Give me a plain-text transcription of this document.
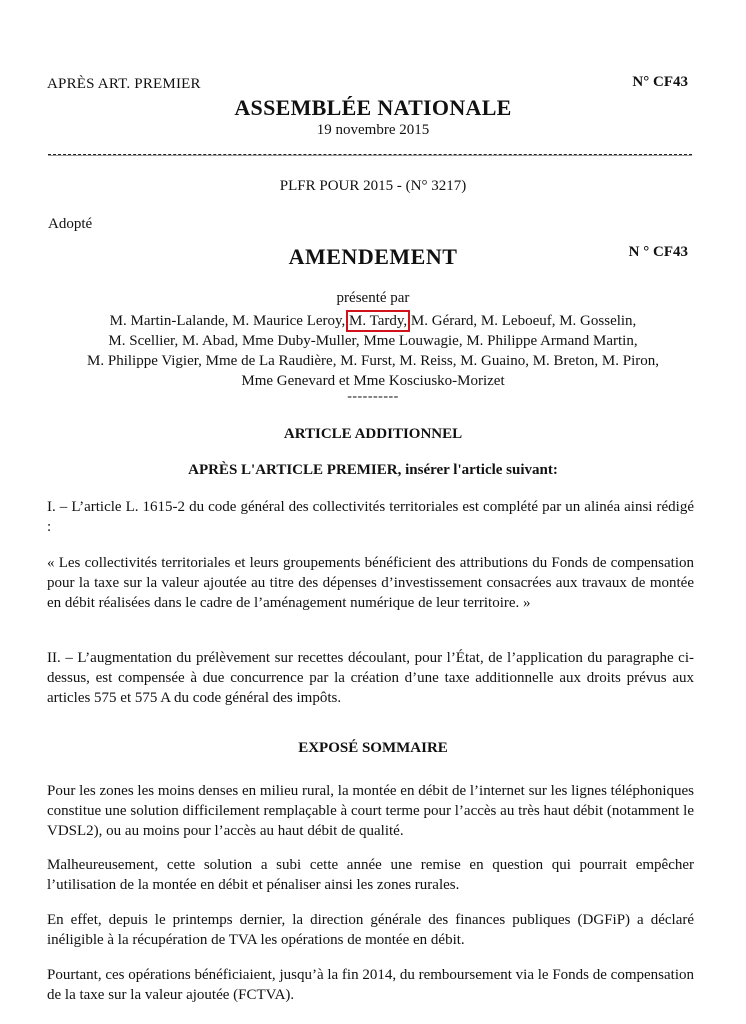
APRÈS ART. PREMIER	N° CF43
ASSEMBLÉE NATIONALE
19 novembre 2015
PLFR POUR 2015 - (N° 3217)
Adopté
AMENDEMENT	N ° CF43
présenté par
M. Martin-Lalande, M. Maurice Leroy, M. Tardy, M. Gérard, M. Leboeuf, M. Gosselin,
M. Scellier, M. Abad, Mme Duby-Muller, Mme Louwagie, M. Philippe Armand Martin,
M. Philippe Vigier, Mme de La Raudière, M. Furst, M. Reiss, M. Guaino, M. Breton, M. Piron,
Mme Genevard et Mme Kosciusko-Morizet
----------
ARTICLE ADDITIONNEL
APRÈS L'ARTICLE PREMIER, insérer l'article suivant:
I. – L’article L. 1615-2 du code général des collectivités territoriales est complété par un alinéa ainsi rédigé :
« Les collectivités territoriales et leurs groupements bénéficient des attributions du Fonds de compensation pour la taxe sur la valeur ajoutée au titre des dépenses d’investissement consacrées aux travaux de montée en débit réalisées dans le cadre de l’aménagement numérique de leur territoire. »
II. – L’augmentation du prélèvement sur recettes découlant, pour l’État, de l’application du paragraphe ci-dessus, est compensée à due concurrence par la création d’une taxe additionnelle aux droits prévus aux articles 575 et 575 A du code général des impôts.
EXPOSÉ SOMMAIRE
Pour les zones les moins denses en milieu rural, la montée en débit de l’internet sur les lignes téléphoniques constitue une solution difficilement remplaçable à court terme pour l’accès au très haut débit (notamment le VDSL2), ou au moins pour l’accès au haut débit de qualité.
Malheureusement, cette solution a subi cette année une remise en question qui pourrait empêcher l’utilisation de la montée en débit et pénaliser ainsi les zones rurales.
En effet, depuis le printemps dernier, la direction générale des finances publiques (DGFiP) a déclaré inéligible à la récupération de TVA les opérations de montée en débit.
Pourtant, ces opérations bénéficiaient, jusqu’à la fin 2014, du remboursement via le Fonds de compensation de la taxe sur la valeur ajoutée (FCTVA).
